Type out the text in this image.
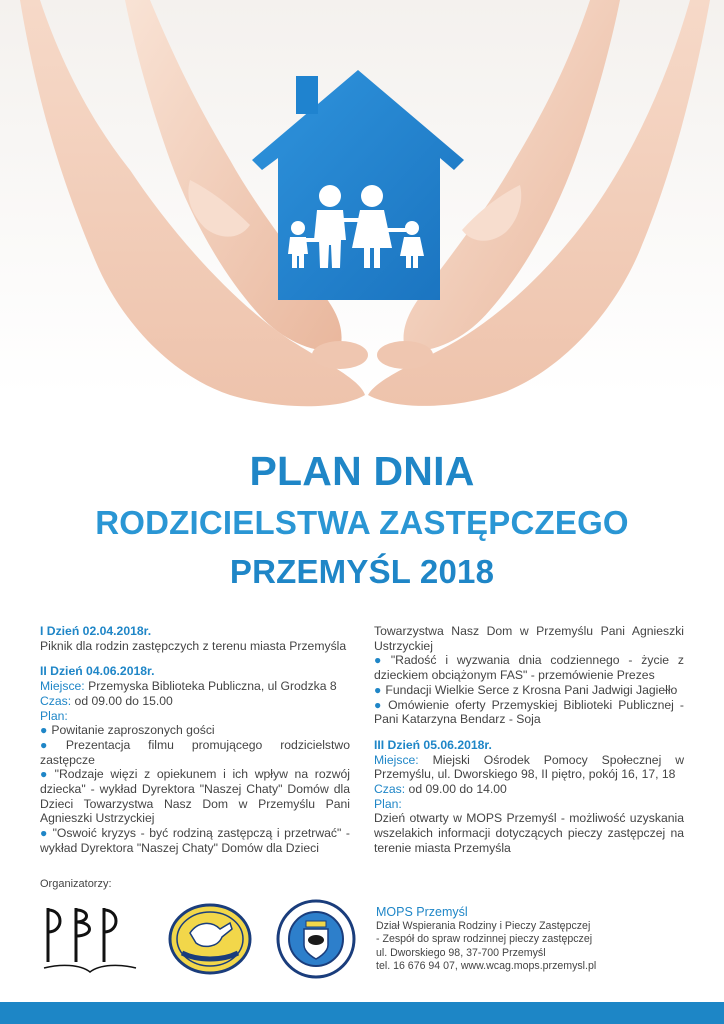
PLAN DNIA
RODZICIELSTWA ZASTĘPCZEGO
PRZEMYŚL 2018
I Dzień 02.04.2018r.
Piknik dla rodzin zastępczych z terenu miasta Przemyśla
II Dzień 04.06.2018r.
Miejsce: Przemyska Biblioteka Publiczna, ul Grodzka 8
Czas: od 09.00 do 15.00
Plan:
● Powitanie zaproszonych gości
● Prezentacja filmu promującego rodzicielstwo zastępcze
● "Rodzaje więzi z opiekunem i ich wpływ na rozwój dziecka" - wykład Dyrektora "Naszej Chaty" Domów dla Dzieci Towarzystwa Nasz Dom w Przemyślu Pani Agnieszki Ustrzyckiej
● "Oswoić kryzys - być rodziną zastępczą i przetrwać" - wykład Dyrektora "Naszej Chaty" Domów dla Dzieci
Towarzystwa Nasz Dom w Przemyślu Pani Agnieszki Ustrzyckiej
● "Radość i wyzwania dnia codziennego - życie z dzieckiem obciążonym FAS" - przemówienie Prezes
● Fundacji Wielkie Serce z Krosna Pani Jadwigi Jagiełło
● Omówienie oferty Przemyskiej Biblioteki Publicznej - Pani Katarzyna Bendarz - Soja
III Dzień 05.06.2018r.
Miejsce: Miejski Ośrodek Pomocy Społecznej w Przemyślu, ul. Dworskiego 98, II piętro, pokój 16, 17, 18
Czas: od 09.00 do 14.00
Plan:
Dzień otwarty w MOPS Przemyśl - możliwość uzyskania wszelakich informacji dotyczących pieczy zastępczej na terenie miasta Przemyśla
Organizatorzy:
MOPS Przemyśl
Dział Wspierania Rodziny i Pieczy Zastępczej
- Zespół do spraw rodzinnej pieczy zastępczej
ul. Dworskiego 98, 37-700 Przemyśl
tel. 16 676 94 07, www.wcag.mops.przemysl.pl
